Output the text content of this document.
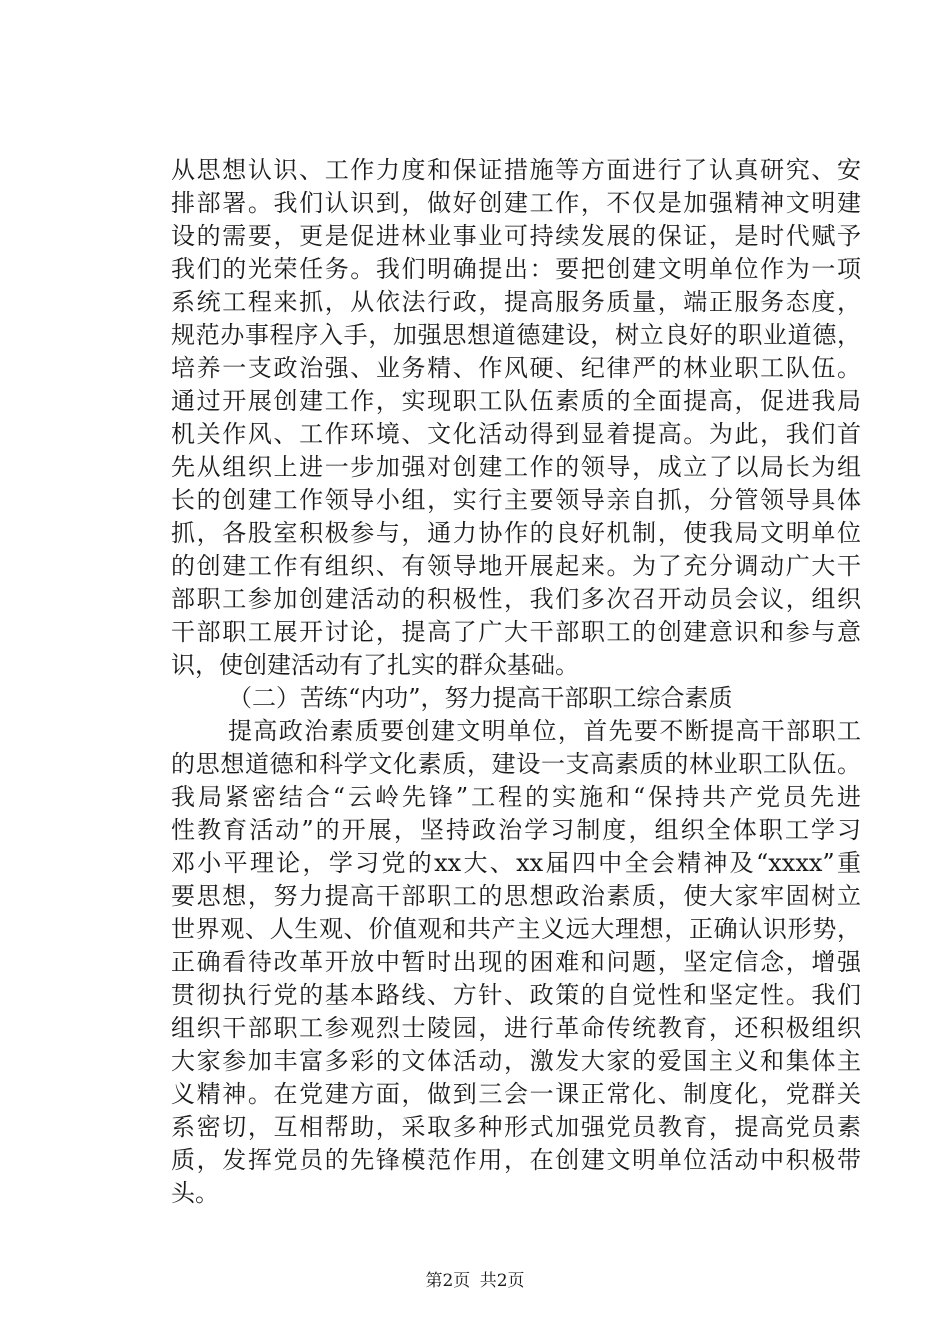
从思想认识、工作力度和保证措施等方面进行了认真研究、安
排部署。我们认识到，做好创建工作，不仅是加强精神文明建
设的需要，更是促进林业事业可持续发展的保证，是时代赋予
我们的光荣任务。我们明确提出：要把创建文明单位作为一项
系统工程来抓，从依法行政，提高服务质量，端正服务态度，
规范办事程序入手，加强思想道德建设，树立良好的职业道德，
培养一支政治强、业务精、作风硬、纪律严的林业职工队伍。
通过开展创建工作，实现职工队伍素质的全面提高，促进我局
机关作风、工作环境、文化活动得到显着提高。为此，我们首
先从组织上进一步加强对创建工作的领导，成立了以局长为组
长的创建工作领导小组，实行主要领导亲自抓，分管领导具体
抓，各股室积极参与，通力协作的良好机制，使我局文明单位
的创建工作有组织、有领导地开展起来。为了充分调动广大干
部职工参加创建活动的积极性，我们多次召开动员会议，组织
干部职工展开讨论，提高了广大干部职工的创建意识和参与意
识，使创建活动有了扎实的群众基础。
（二）苦练“内功”，努力提高干部职工综合素质
提高政治素质要创建文明单位，首先要不断提高干部职工
的思想道德和科学文化素质，建设一支高素质的林业职工队伍。
我局紧密结合“云岭先锋”工程的实施和“保持共产党员先进
性教育活动”的开展，坚持政治学习制度，组织全体职工学习
邓小平理论，学习党的xx大、xx届四中全会精神及“xxxx”重
要思想，努力提高干部职工的思想政治素质，使大家牢固树立
世界观、人生观、价值观和共产主义远大理想，正确认识形势，
正确看待改革开放中暂时出现的困难和问题，坚定信念，增强
贯彻执行党的基本路线、方针、政策的自觉性和坚定性。我们
组织干部职工参观烈士陵园，进行革命传统教育，还积极组织
大家参加丰富多彩的文体活动，激发大家的爱国主义和集体主
义精神。在党建方面，做到三会一课正常化、制度化，党群关
系密切，互相帮助，采取多种形式加强党员教育，提高党员素
质，发挥党员的先锋模范作用，在创建文明单位活动中积极带
头。
第2页 共2页
